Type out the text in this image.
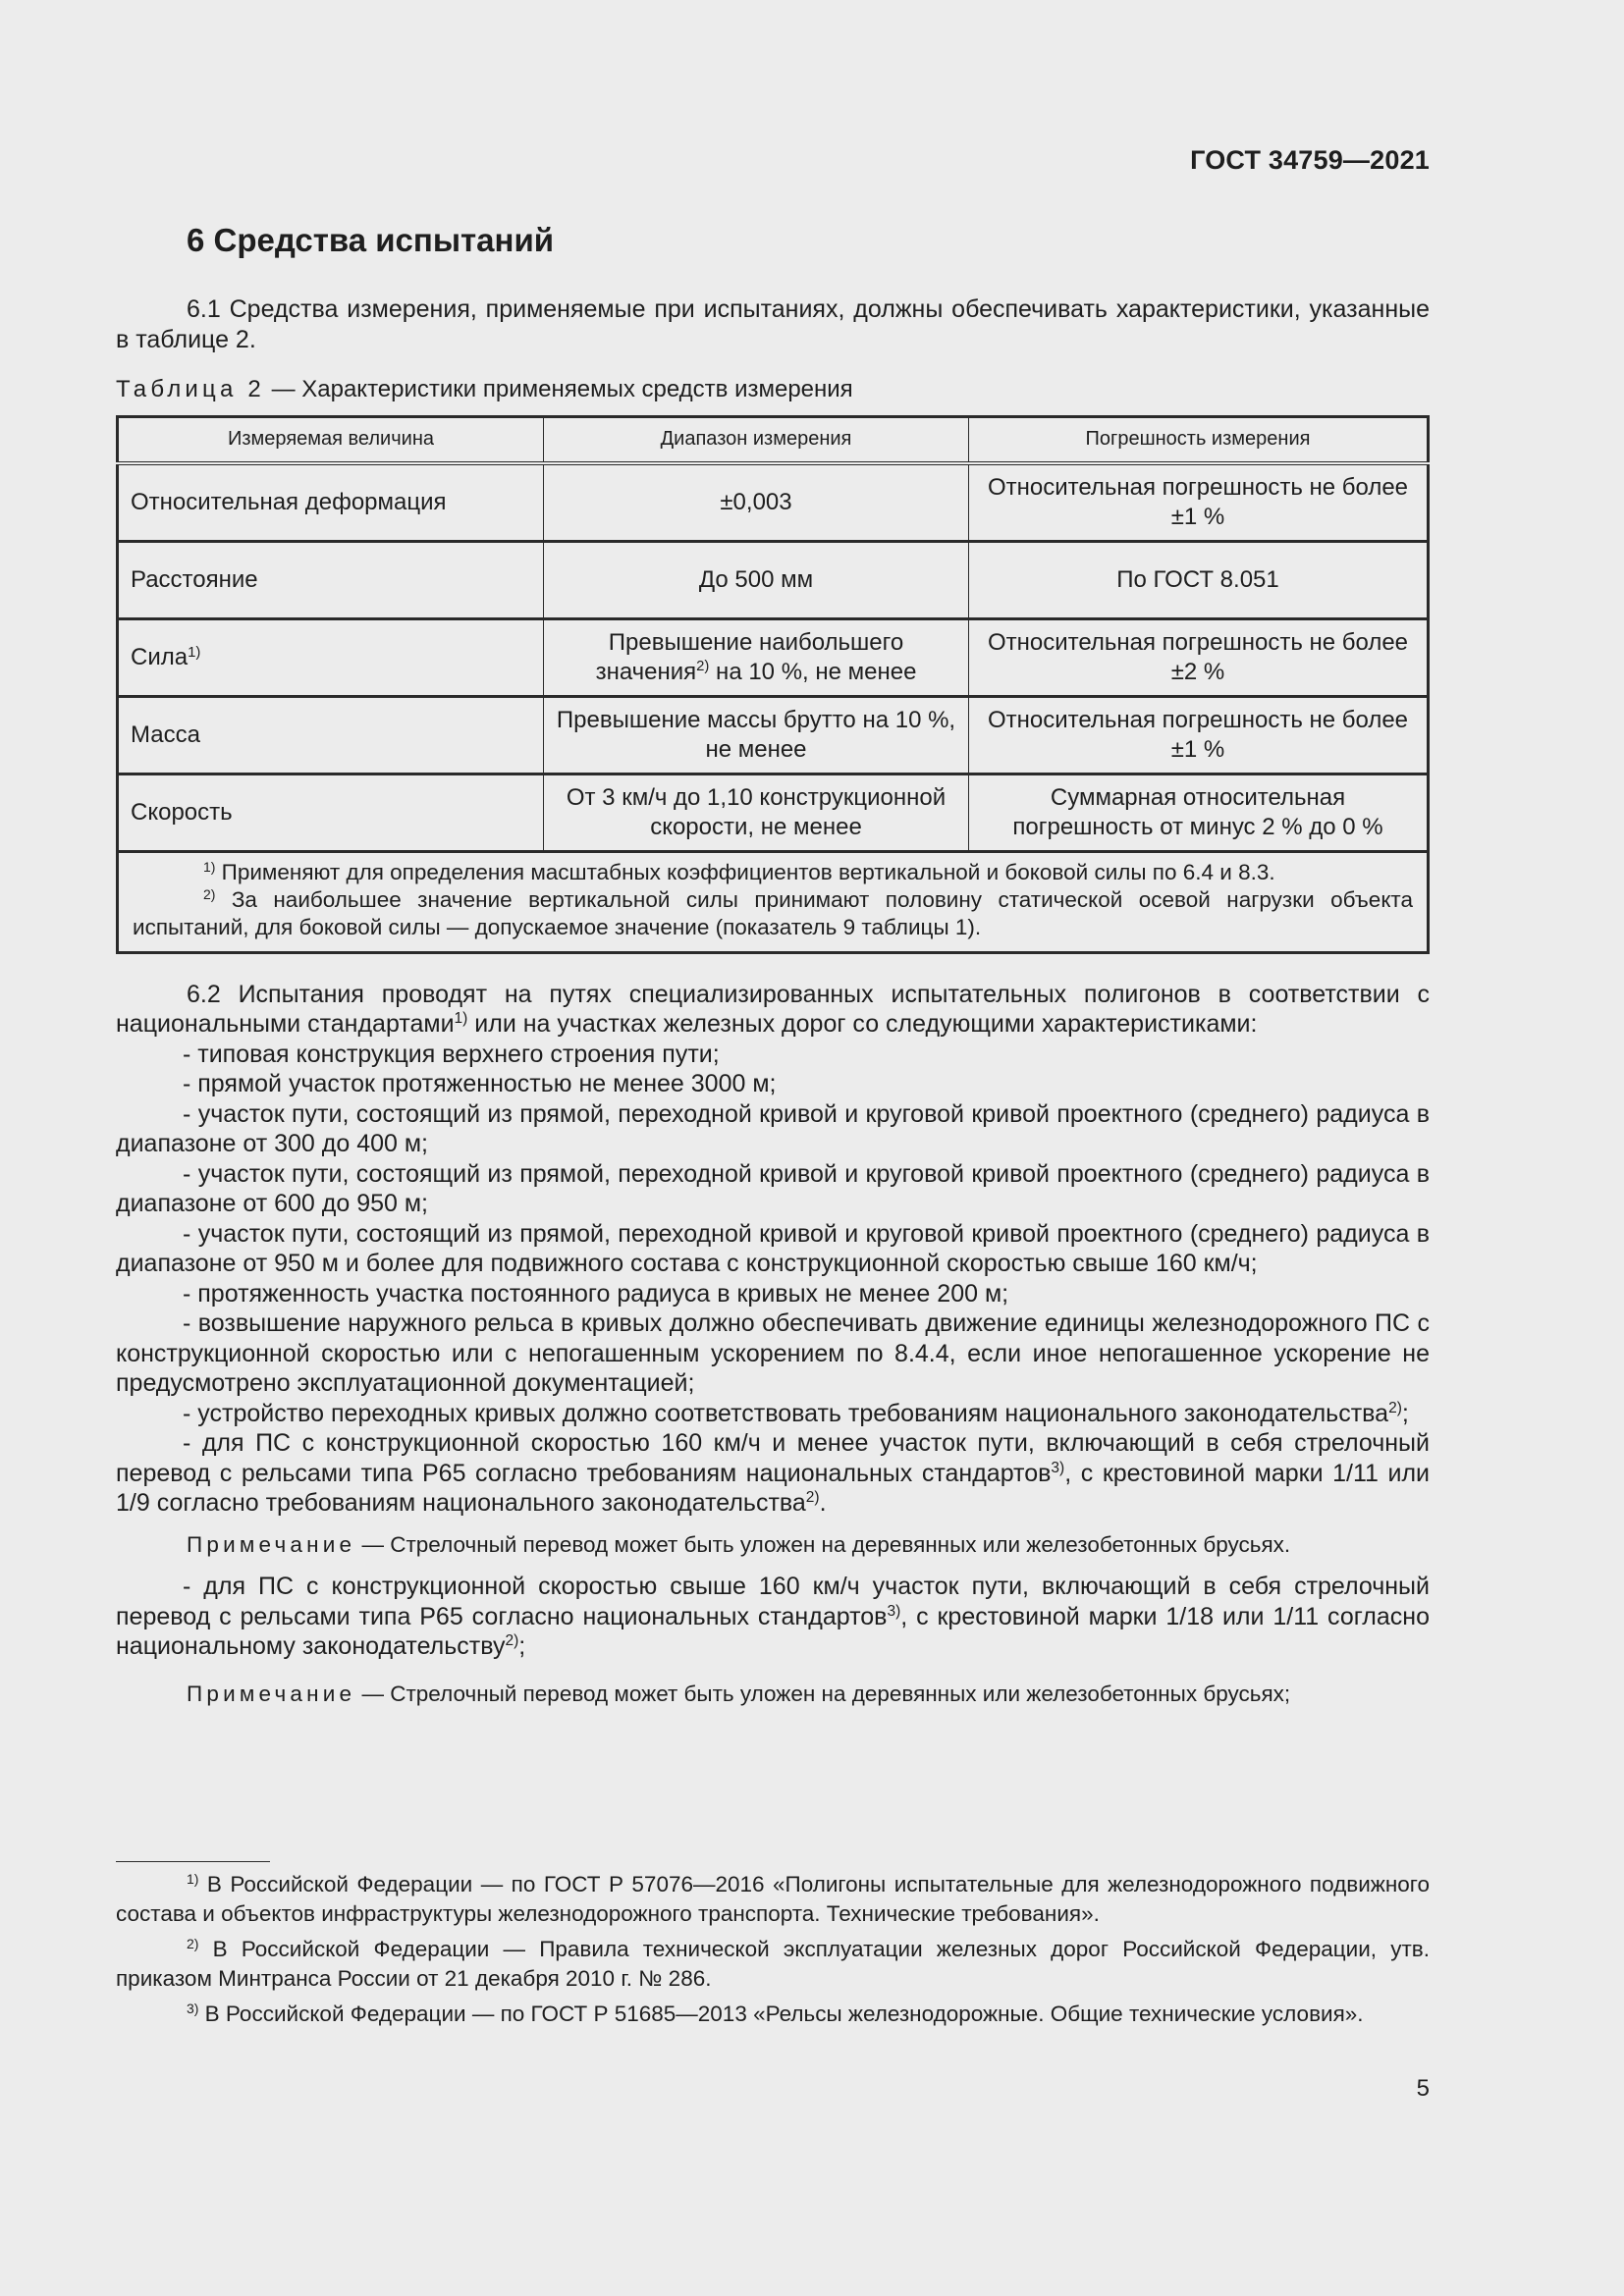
ГОСТ 34759—2021
6 Средства испытаний

6.1 Средства измерения, применяемые при испытаниях, должны обеспечивать характеристики, указанные в таблице 2.

Таблица 2 — Характеристики применяемых средств измерения
Измеряемая величина	Диапазон измерения	Погрешность измерения
Относительная деформация	±0,003	Относительная погрешность не более ±1 %
Расстояние	До 500 мм	По ГОСТ 8.051
Сила$^{1)}$	Превышение наибольшего значения$^{2)}$ на 10 %, не менее	Относительная погрешность не более ±2 %
Масса	Превышение массы брутто на 10 %, не менее	Относительная погрешность не более ±1 %
Скорость	От 3 км/ч до 1,10 конструкционной скорости, не менее	Суммарная относительная погрешность от минус 2 % до 0 %

$^{1)}$ Применяют для определения масштабных коэффициентов вертикальной и боковой силы по 6.4 и 8.3.
$^{2)}$ За наибольшее значение вертикальной силы принимают половину статической осевой нагрузки объекта испытаний, для боковой силы — допускаемое значение (показатель 9 таблицы 1).		

6.2 Испытания проводят на путях специализированных испытательных полигонов в соответствии с национальными стандартами$^{1)}$ или на участках железных дорог со следующими характеристиками:

- типовая конструкция верхнего строения пути;

- прямой участок протяженностью не менее 3000 м;

- участок пути, состоящий из прямой, переходной кривой и круговой кривой проектного (среднего) радиуса в диапазоне от 300 до 400 м;

- участок пути, состоящий из прямой, переходной кривой и круговой кривой проектного (среднего) радиуса в диапазоне от 600 до 950 м;

- участок пути, состоящий из прямой, переходной кривой и круговой кривой проектного (среднего) радиуса в диапазоне от 950 м и более для подвижного состава с конструкционной скоростью свыше 160 км/ч;

- протяженность участка постоянного радиуса в кривых не менее 200 м;

- возвышение наружного рельса в кривых должно обеспечивать движение единицы железнодорожного ПС с конструкционной скоростью или с непогашенным ускорением по 8.4.4, если иное непогашенное ускорение не предусмотрено эксплуатационной документацией;

- устройство переходных кривых должно соответствовать требованиям национального законодательства$^{2)}$;

- для ПС с конструкционной скоростью 160 км/ч и менее участок пути, включающий в себя стрелочный перевод с рельсами типа Р65 согласно требованиям национальных стандартов$^{3)}$, с крестовиной марки 1/11 или 1/9 согласно требованиям национального законодательства$^{2)}$.

Примечание — Стрелочный перевод может быть уложен на деревянных или железобетонных брусьях.

- для ПС с конструкционной скоростью свыше 160 км/ч участок пути, включающий в себя стрелочный перевод с рельсами типа Р65 согласно национальных стандартов$^{3)}$, с крестовиной марки 1/18 или 1/11 согласно национальному законодательству$^{2)}$;

Примечание — Стрелочный перевод может быть уложен на деревянных или железобетонных брусьях;

$^{1)}$ В Российской Федерации — по ГОСТ Р 57076—2016 «Полигоны испытательные для железнодорожного подвижного состава и объектов инфраструктуры железнодорожного транспорта. Технические требования».

$^{2)}$ В Российской Федерации — Правила технической эксплуатации железных дорог Российской Федерации, утв. приказом Минтранса России от 21 декабря 2010 г. № 286.

$^{3)}$ В Российской Федерации — по ГОСТ Р 51685—2013 «Рельсы железнодорожные. Общие технические условия».

5
